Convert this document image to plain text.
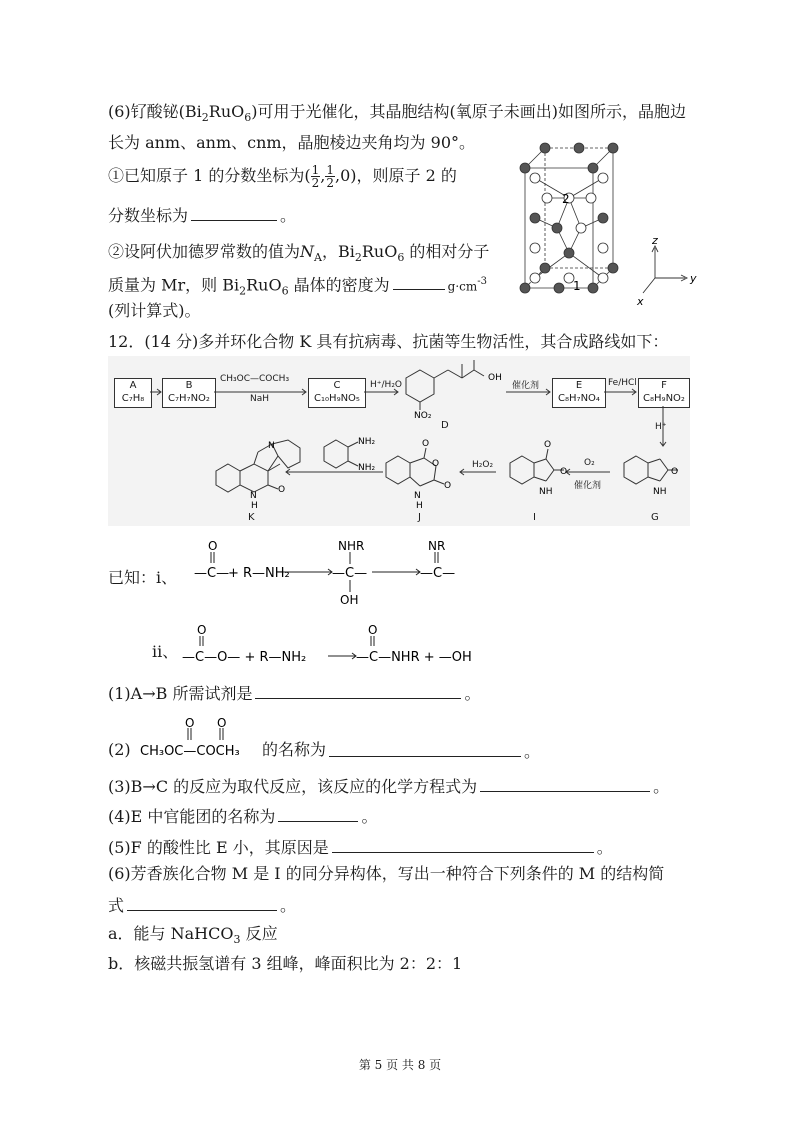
(6)钌酸铋$(Bi_2RuO_6)$可用于光催化，其晶胞结构(氧原子未画出)如图所示，晶胞边
长为 anm、anm、cnm，晶胞棱边夹角均为 90°。
①已知原子 1 的分数坐标为( $\frac{1}{2}$ , $\frac{1}{2} ,0$)，则原子 2 的
分数坐标为	。
②设阿伏加德罗常数的值为$N_A$，$Bi_2RuO_6$ 的相对分子
质量为 Mr，则 $Bi_2RuO_6$ 晶体的密度为	$g\cdot cm^{-3}$
(列计算式)。
2
1
z
y
x
12．(14 分)多并环化合物 K 具有抗病毒、抗菌等生物活性，其合成路线如下：
A
C₇H₈
B
C₇H₇NO₂
C
C₁₀H₉NO₅
E
C₈H₇NO₄
F
C₈H₉NO₂
CH₃OC—COCH₃
NaH
H⁺/H₂O	催化剂	Fe/HCl
H⁺
O₂
催化剂
H₂O₂
D
G
I
J
K
OH
NO₂
O
NH
O
O
NH
O
O
O
N
H
NH₂
NH₂
N
O
N
H
已知：i、
O
—C—
+ R—NH₂
NHR
—C—
OH
NR
—C—
ii、
O
—C—O— + R—NH₂
O
—C—NHR + —OH
(1)A→B 所需试剂是	。
(2)
O O
CH₃OC—COCH₃ 的名称为	。
(3)B→C 的反应为取代反应，该反应的化学方程式为	。
(4)E 中官能团的名称为	。
(5)F 的酸性比 E 小，其原因是	。
(6)芳香族化合物 M 是 I 的同分异构体，写出一种符合下列条件的 M 的结构简
式	。
a．能与 NaHCO$_3$ 反应
b．核磁共振氢谱有 3 组峰，峰面积比为 2：2：1
第 5 页 共 8 页
